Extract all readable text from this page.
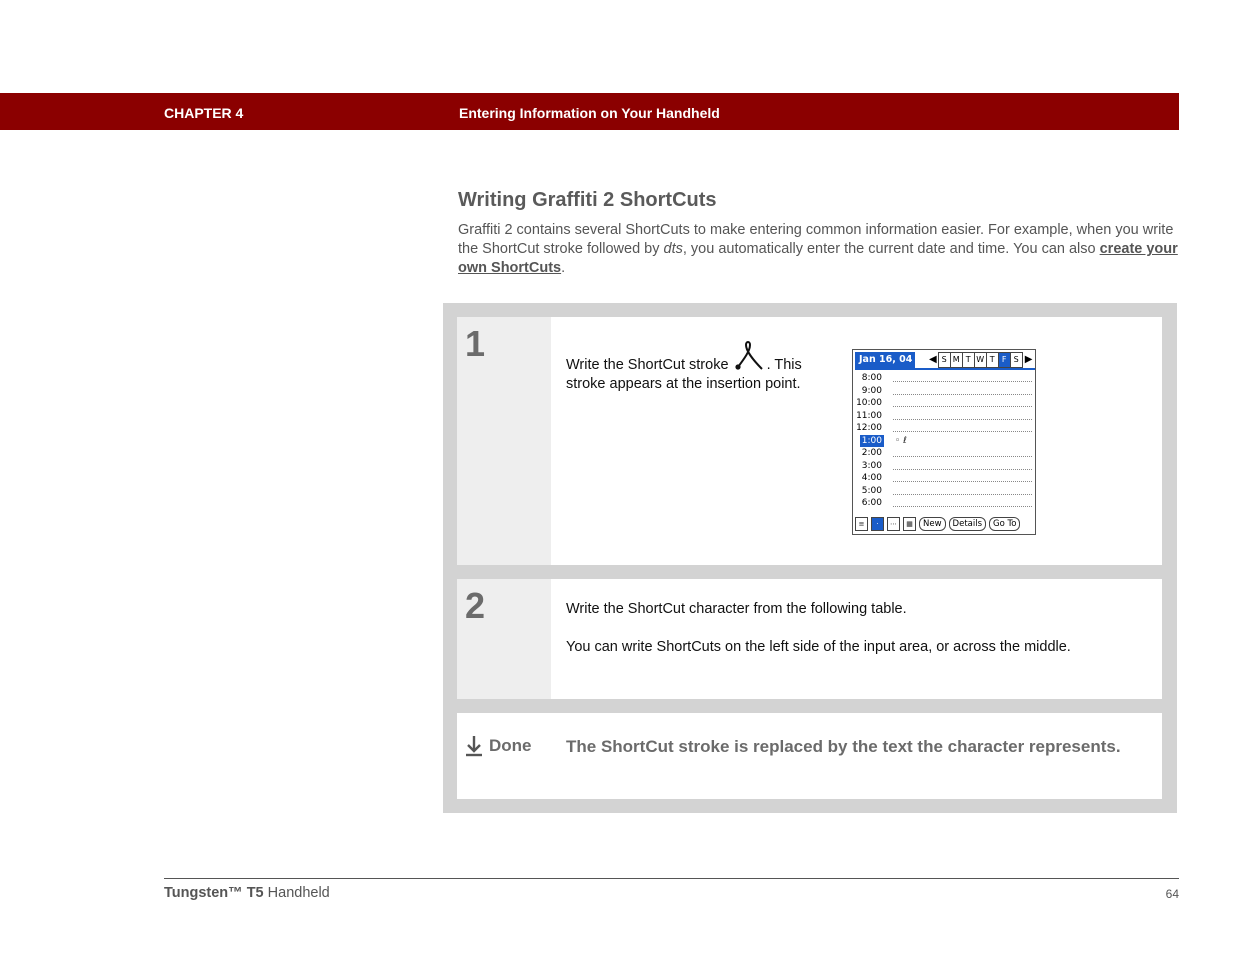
CHAPTER 4	Entering Information on Your Handheld
Writing Graffiti 2 ShortCuts
Graffiti 2 contains several ShortCuts to make entering common information easier. For example, when you write the ShortCut stroke followed by dts, you automatically enter the current date and time. You can also create your own ShortCuts.
1
Write the ShortCut stroke	. This stroke appears at the insertion point.
Jan 16, 04 ◀ S M T W T F S ▶
8:00
9:00
10:00
11:00
12:00
1:00 ◦ ℓ
2:00
3:00
4:00
5:00
6:00
≡	·	⋯	▦	New	Details	Go To
2	Write the ShortCut character from the following table.
You can write ShortCuts on the left side of the input area, or across the middle.
Done The ShortCut stroke is replaced by the text the character represents.
Tungsten™ T5 Handheld	64
